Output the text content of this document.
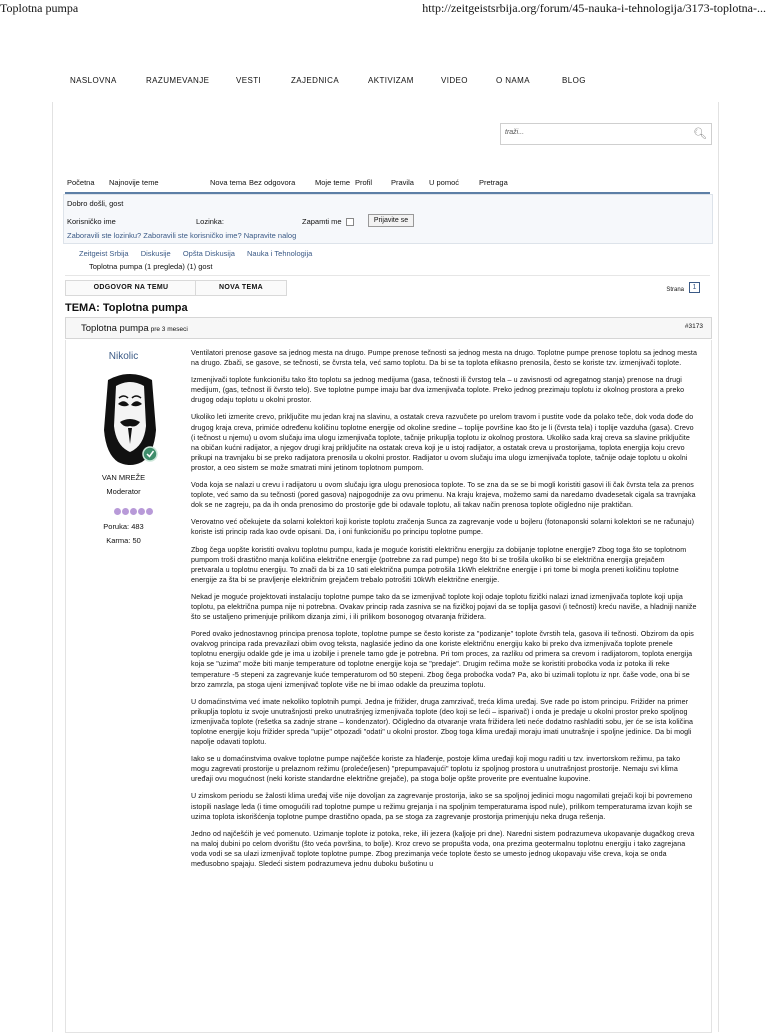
Toplotna pumpa	http://zeitgeistsrbija.org/forum/45-nauka-i-tehnologija/3173-toplotna-...
NASLOVNA	RAZUMEVANJE	VESTI	ZAJEDNICA	AKTIVIZAM	VIDEO	O NAMA	BLOG
traži...	🔍︎
Početna Najnovije teme	Nova tema Bez odgovora	Moje teme Profil	Pravila U pomoć	Pretraga
Dobro došli, gost
Korisničko ime	Lozinka:	Zapamti me	Prijavite se
Zaboravili ste lozinku? Zaboravili ste korisničko ime? Napravite nalog
Zeitgeist Srbija Diskusije Opšta Diskusija Nauka i Tehnologija
Toplotna pumpa (1 pregleda) (1) gost
ODGOVOR NA TEMU	NOVA TEMA	Strana	1
TEMA: Toplotna pumpa
Toplotna pumpa pre 3 meseci	#3173
Nikolic
VAN MREŽE
Moderator
Poruka: 483
Karma: 50

Ventilatori prenose gasove sa jednog mesta na drugo. Pumpe prenose tečnosti sa jednog mesta na drugo. Toplotne pumpe prenose toplotu sa jednog mesta na drugo. Zbači, se gasove, se tečnosti, se čvrsta tela, već samo toplotu. Da bi se ta toplota efikasno prenosila, često se koriste tzv. izmenjivači toplote.

Izmenjivači toplote funkcionišu tako što toplotu sa jednog medijuma (gasa, tečnosti ili čvrstog tela – u zavisnosti od agregatnog stanja) prenose na drugi medijum, (gas, tečnost ili čvrsto telo). Sve toplotne pumpe imaju bar dva izmenjivača toplote. Preko jednog prezimaju toplotu iz okolnog prostora a preko drugog odaju toplotu u okolni prostor.

Ukoliko leti izmerite crevo, priključite mu jedan kraj na slavinu, a ostatak creva razvučete po urelom travom i pustite vode da polako teče, dok voda dođe do drugog kraja creva, primiće određenu količinu toplotne energije od okoline sredine – toplije površine kao što je li (čvrsta tela) i toplije vazduha (gasa). Crevo (i tečnost u njemu) u ovom slučaju ima ulogu izmenjivača toplote, tačnije prikuplja toplotu iz okolnog prostora. Ukoliko sada kraj creva sa slavine priključite na običan kućni radijator, a njegov drugi kraj priključite na ostatak creva koji je u istoj radijator, a ostatak creva u prostorijama, toplota energija koju crevo prikupi na travnjaku bi se preko radijatora prenosila u okolni prostor. Radijator u ovom slučaju ima ulogu izmenjivača toplote, tačnije odaje toplotu u okolni prostor, a ceo sistem se može smatrati mini jetinom toplotnom pumpom.

Voda koja se nalazi u crevu i radijatoru u ovom slučaju igra ulogu prenosioca toplote. To se zna da se se bi mogli koristiti gasovi ili čak čvrsta tela za prenos toplote, već samo da su tečnosti (pored gasova) najpogodnije za ovu primenu. Na kraju krajeva, možemo sami da naredamo dvadesetak cigala sa travnjaka dok se ne zagreju, pa da ih onda prenosimo do prostorije gde bi odavale toplotu, ali takav način prenosa toplote očigledno nije praktičan.

Verovatno već očekujete da solarni kolektori koji koriste toplotu zračenja Sunca za zagrevanje vode u bojleru (fotonaponski solarni kolektori se ne računaju) koriste isti princip rada kao ovde opisani. Da, i oni funkcionišu po principu toplotne pumpe.

Zbog čega uopšte koristiti ovakvu toplotnu pumpu, kada je moguće koristiti električnu energiju za dobijanje toplotne energije? Zbog toga što se toplotnom pumpom troši drastično manja količina električne energije (potrebne za rad pumpe) nego što bi se trošila ukoliko bi se električna energija grejačem pretvarala u toplotnu energiju. To znači da bi za 10 sati električna pumpa potrošila 1kWh električne energije i pri tome bi mogla preneti količinu toplotne energije za šta bi se pravljenje električnim grejačem trebalo potrošiti 10kWh električne energije.

Nekad je moguće projektovati instalaciju toplotne pumpe tako da se izmenjivač toplote koji odaje toplotu fizički nalazi iznad izmenjivača toplote koji upija toplotu, pa električna pumpa nije ni potrebna. Ovakav princip rada zasniva se na fizičkoj pojavi da se toplija gasovi (i tečnosti) kreću naviše, a hladniji naniže što se ustaljeno primenjuje prilikom dizanja zimi, i ili prilikom bosonogog otvaranja frižidera.

Pored ovako jednostavnog principa prenosa toplote, toplotne pumpe se često koriste za "podizanje" toplote čvrstih tela, gasova ili tečnosti. Obzirom da opis ovakvog principa rada prevazilazi obim ovog teksta, naglasiće jedino da one koriste električnu energiju kako bi preko dva izmenjivača toplote prenele toplotnu energiju odakle gde je ima u izobilje i prenele tamo gde je potrebna. Pri tom proces, za razliku od primera sa crevom i radijatorom, toplota energija koja se "uzima" može biti manje temperature od toplotne energije koja se "predaje". Drugim rečima može se koristiti proboćka voda iz potoka ili reke temperature -5 stepeni za zagrevanje kuće temperaturom od 50 stepeni. Zbog čega proboćka voda? Pa, ako bi uzimali toplotu iz npr. čaše vode, ona bi se brzo zamrzla, pa stoga ujeni izmenjivač toplote više ne bi imao odakle da preuzima toplotu.

U domaćinstvima već imate nekoliko toplotnih pumpi. Jedna je frižider, druga zamrzivač, treća klima uređaj. Sve rade po istom principu. Frižider na primer prikuplja toplotu iz svoje unutrašnjosti preko unutrašnjeg izmenjivača toplote (deo koji se leći – isparivač) i onda je predaje u okolni prostor preko spoljnog izmenjivača toplote (rešetka sa zadnje strane – kondenzator). Očigledno da otvaranje vrata frižidera leti neće dodatno rashladiti sobu, jer će se ista količina toplotne energije koju frižider spreda "upije" otpozadi "odati" u okolni prostor. Zbog toga klima uređaji moraju imati unutrašnje i spoljne jedinice. Da bi mogli napolje odavati toplotu.

Iako se u domaćinstvima ovakve toplotne pumpe najčešće koriste za hlađenje, postoje klima uređaji koji mogu raditi u tzv. invertorskom režimu, pa tako mogu zagrevati prostorije u prelaznom režimu (proleće/jesen) "prepumpavajući" toplotu iz spoljnog prostora u unutrašnjost prostorije. Nemaju svi klima uređaji ovu mogućnost (neki koriste standardne električne grejače), pa stoga bolje opšte proverite pre eventualne kupovine.

U zimskom periodu se žalosti klima uređaj više nije dovoljan za zagrevanje prostorija, iako se sa spoljnoj jedinici mogu nagomilati grejači koji bi povremeno istopili naslage leda (i time omogućili rad toplotne pumpe u režimu grejanja i na spoljnim temperaturama ispod nule), prilikom temperaturama izvan kojih se uzima toplota iskorišćenja toplotne pumpe drastično opada, pa se stoga za zagrevanje prostorija primenjuju neka druga rešenja.

Jedno od najčešćih je već pomenuto. Uzimanje toplote iz potoka, reke, iili jezera (kaljoje pri dne). Naredni sistem podrazumeva ukopavanje dugačkog creva na maloj dubini po celom dvorištu (što veća površina, to bolje). Kroz crevo se propušta voda, ona prezima geotermalnu toplotnu energiju i tako zagrejana voda vodi se sa ulazi izmenjivač toplote toplotne pumpe. Zbog prezimanja veće toplote često se umesto jednog ukopavaju više creva, koja se onda međusobno spajaju. Sledeći sistem podrazumeva jednu duboku bušotinu u
